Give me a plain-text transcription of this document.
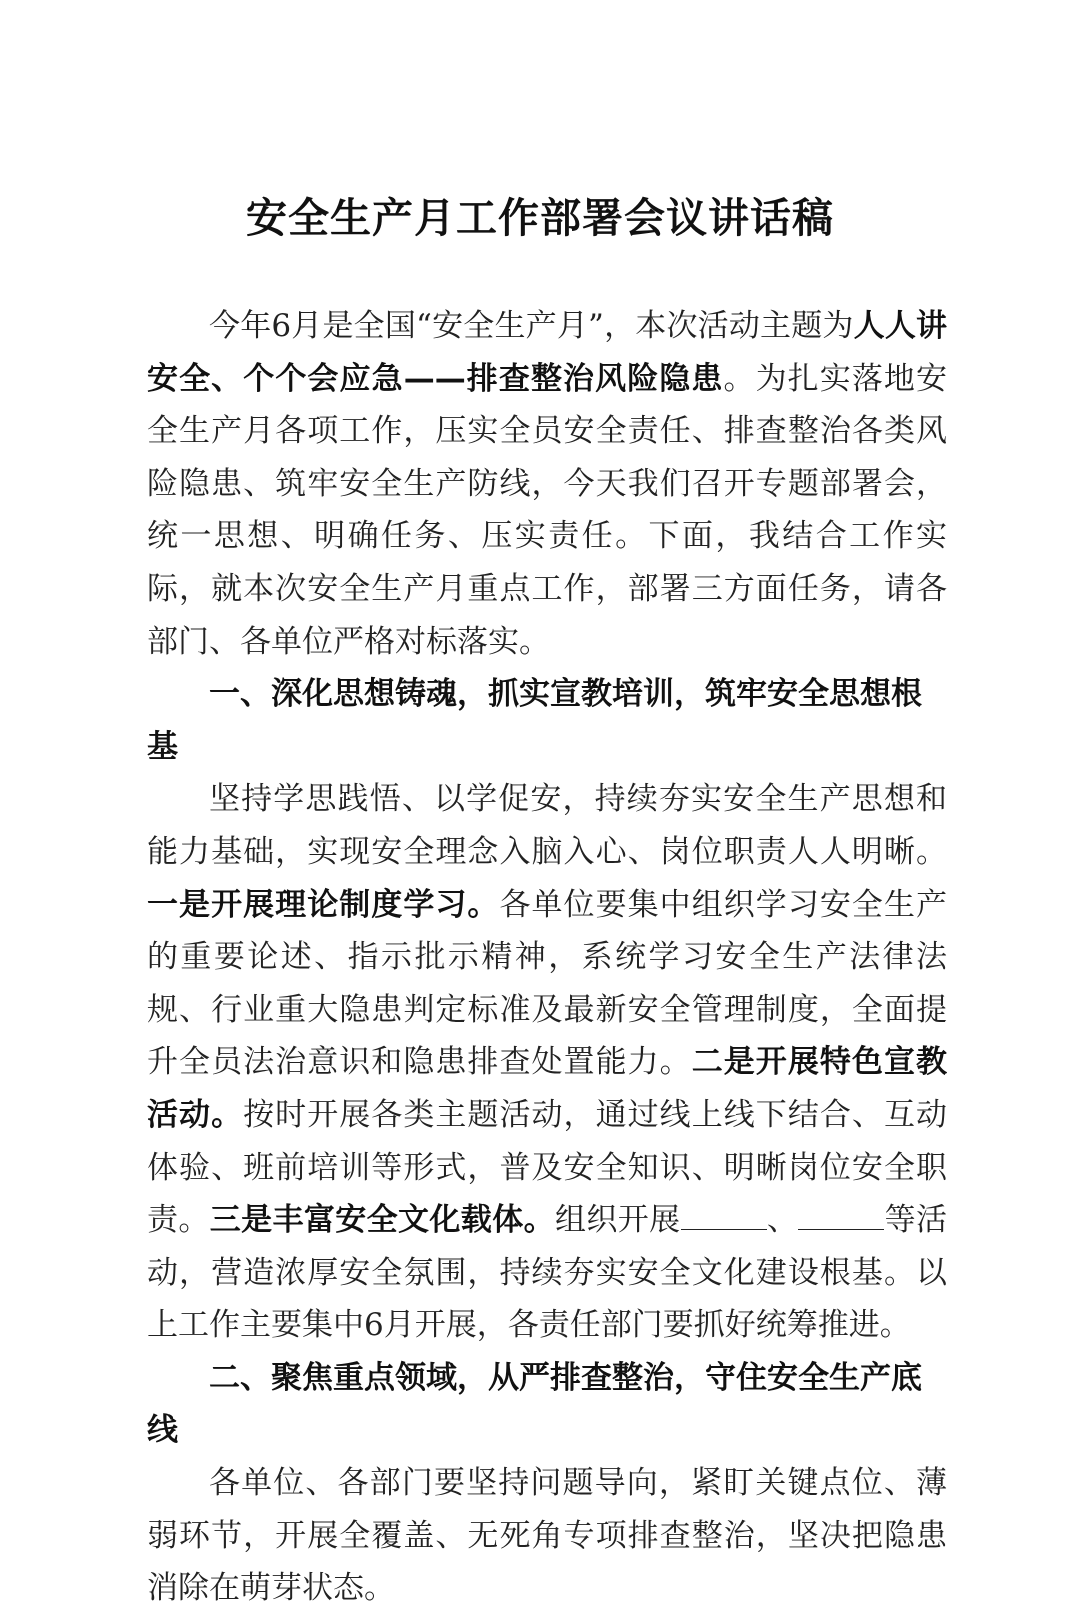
安全生产月工作部署会议讲话稿

今年6月是全国“安全生产月”，本次活动主题为人人讲安全、个个会应急——排查整治风险隐患。为扎实落地安全生产月各项工作，压实全员安全责任、排查整治各类风险隐患、筑牢安全生产防线，今天我们召开专题部署会，统一思想、明确任务、压实责任。下面，我结合工作实际，就本次安全生产月重点工作，部署三方面任务，请各部门、各单位严格对标落实。

一、深化思想铸魂，抓实宣教培训，筑牢安全思想根基

坚持学思践悟、以学促安，持续夯实安全生产思想和能力基础，实现安全理念入脑入心、岗位职责人人明晰。一是开展理论制度学习。各单位要集中组织学习安全生产的重要论述、指示批示精神，系统学习安全生产法律法规、行业重大隐患判定标准及最新安全管理制度，全面提升全员法治意识和隐患排查处置能力。二是开展特色宣教活动。按时开展各类主题活动，通过线上线下结合、互动体验、班前培训等形式，普及安全知识、明晰岗位安全职责。三是丰富安全文化载体。组织开展	、	等活动，营造浓厚安全氛围，持续夯实安全文化建设根基。以上工作主要集中6月开展，各责任部门要抓好统筹推进。

二、聚焦重点领域，从严排查整治，守住安全生产底线

各单位、各部门要坚持问题导向，紧盯关键点位、薄弱环节，开展全覆盖、无死角专项排查整治，坚决把隐患消除在萌芽状态。
